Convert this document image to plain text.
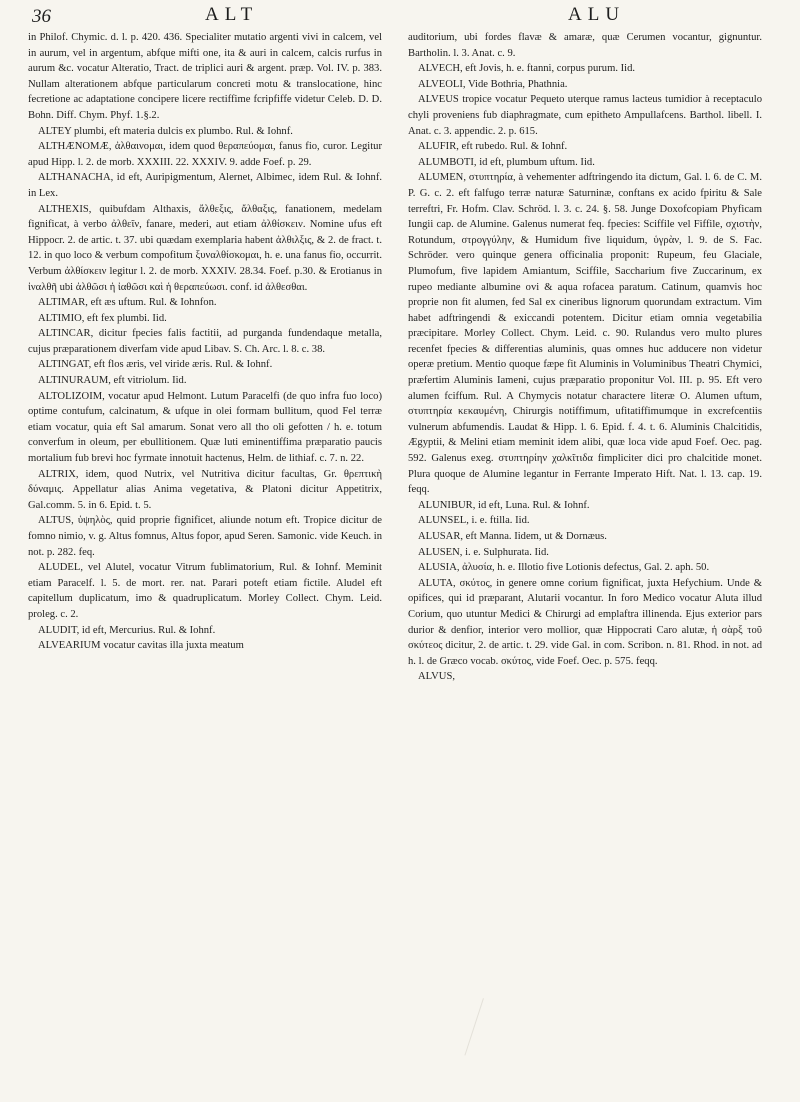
36	ALT	ALU

in Philof. Chymic. d. l. p. 420. 436. Specialiter mutatio argenti vivi in calcem, vel in aurum, vel in argentum, abfque mifti one, ita & auri in calcem, calcis rurfus in aurum &c. vocatur Alteratio, Tract. de triplici auri & argent. præp. Vol. IV. p. 383. Nullam alterationem abfque particularum concreti motu & translocatione, hinc fecretione ac adaptatione concipere licere rectiffime fcripfiffe videtur Celeb. D. D. Bohn. Diff. Chym. Phyf. 1.§.2.

ALTEY plumbi, eft materia dulcis ex plumbo. Rul. & Iohnf.

ALTHÆNOMÆ, ἀλθαινομαι, idem quod θεραπεύομαι, fanus fio, curor. Legitur apud Hipp. l. 2. de morb. XXXIII. 22. XXXIV. 9. adde Foef. p. 29.

ALTHANACHA, id eft, Auripigmentum, Alernet, Albimec, idem Rul. & Iohnf. in Lex.

ALTHEXIS, quibufdam Althaxis, ἄλθεξις, ἄλθαξις, fanationem, medelam fignificat, à verbo ἀλθεῖν, fanare, mederi, aut etiam ἀλθίσκειν. Nomine ufus eft Hippocr. 2. de artic. t. 37. ubi quædam exemplaria habent ἀλθιλξις, & 2. de fract. t. 12. in quo loco & verbum compofitum ξυναλθίσκομαι, h. e. una fanus fio, occurrit. Verbum ἀλθίσκειν legitur l. 2. de morb. XXXIV. 28.34. Foef. p.30. & Erotianus in ἰναλθῆ ubi ἀλθῶσι ἡ ἰαθῶσι καὶ ἡ θεραπεύωσι. conf. id ἀλθεσθαι.

ALTIMAR, eft æs uftum. Rul. & Iohnfon.

ALTIMIO, eft fex plumbi. Iid.

ALTINCAR, dicitur fpecies falis factitii, ad purganda fundendaque metalla, cujus præparationem diverfam vide apud Libav. S. Ch. Arc. l. 8. c. 38.

ALTINGAT, eft flos æris, vel viride æris. Rul. & Iohnf.

ALTINURAUM, eft vitriolum. Iid.

ALTOLIZOIM, vocatur apud Helmont. Lutum Paracelfi (de quo infra fuo loco) optime contufum, calcinatum, & ufque in olei formam bullitum, quod Fel terræ etiam vocatur, quia eft Sal amarum. Sonat vero all tho oli gefotten / h. e. totum converfum in oleum, per ebullitionem. Quæ luti eminentiffima præparatio paucis mortalium fub brevi hoc fyrmate innotuit hactenus, Helm. de lithiaf. c. 7. n. 22.

ALTRIX, idem, quod Nutrix, vel Nutritiva dicitur facultas, Gr. θρεπτικὴ δύναμις. Appellatur alias Anima vegetativa, & Platoni dicitur Appetitrix, Gal.comm. 5. in 6. Epid. t. 5.

ALTUS, ὑψηλὸς, quid proprie fignificet, aliunde notum eft. Tropice dicitur de fomno nimio, v. g. Altus fomnus, Altus fopor, apud Seren. Samonic. vide Keuch. in not. p. 282. feq.

ALUDEL, vel Alutel, vocatur Vitrum fublimatorium, Rul. & Iohnf. Meminit etiam Paracelf. l. 5. de mort. rer. nat. Parari poteft etiam fictile. Aludel eft capitellum duplicatum, imo & quadruplicatum. Morley Collect. Chym. Leid. proleg. c. 2.

ALUDIT, id eft, Mercurius. Rul. & Iohnf.

ALVEARIUM vocatur cavitas illa juxta meatum

auditorium, ubi fordes flavæ & amaræ, quæ Cerumen vocantur, gignuntur. Bartholin. l. 3. Anat. c. 9.

ALVECH, eft Jovis, h. e. ftanni, corpus purum. Iid.

ALVEOLI, Vide Bothria, Phathnia.

ALVEUS tropice vocatur Pequeto uterque ramus lacteus tumidior à receptaculo chyli proveniens fub diaphragmate, cum epitheto Ampullafcens. Barthol. libell. I. Anat. c. 3. appendic. 2. p. 615.

ALUFIR, eft rubedo. Rul. & Iohnf.

ALUMBOTI, id eft, plumbum uftum. Iid.

ALUMEN, στυπτηρία, à vehementer adftringendo ita dictum, Gal. l. 6. de C. M. P. G. c. 2. eft falfugo terræ naturæ Saturninæ, conftans ex acido fpiritu & Sale terreftri, Fr. Hofm. Clav. Schröd. l. 3. c. 24. §. 58. Junge Doxofcopiam Phyficam Iungii cap. de Alumine. Galenus numerat feq. fpecies: Sciffile vel Fiffile, σχιστὴν, Rotundum, στρογγύλην, & Humidum five liquidum, ὑγρὰν, l. 9. de S. Fac. Schröder. vero quinque genera officinalia proponit: Rupeum, feu Glaciale, Plumofum, five lapidem Amiantum, Sciffile, Saccharium five Zuccarinum, ex rupeo mediante albumine ovi & aqua rofacea paratum. Catinum, quamvis hoc proprie non fit alumen, fed Sal ex cineribus lignorum quorundam extractum. Vim habet adftringendi & exiccandi potentem. Dicitur etiam omnia vegetabilia præcipitare. Morley Collect. Chym. Leid. c. 90. Rulandus vero multo plures recenfet fpecies & differentias aluminis, quas omnes huc adducere non videtur operæ pretium. Mentio quoque fæpe fit Aluminis in Voluminibus Theatri Chymici, præfertim Aluminis Iameni, cujus præparatio proponitur Vol. III. p. 95. Eft vero alumen fciffum. Rul. A Chymycis notatur charactere literæ O. Alumen uftum, στυπτηρία κεκαυμένη, Chirurgis notiffimum, ufitatiffimumque in excrefcentiis vulnerum abfumendis. Laudat & Hipp. l. 6. Epid. f. 4. t. 6. Aluminis Chalcitidis, Ægyptii, & Melini etiam meminit idem alibi, quæ loca vide apud Foef. Oec. pag. 592. Galenus exeg. στυπτηρίην χαλκῖτιδα fimpliciter dici pro chalcitide monet. Plura quoque de Alumine legantur in Ferrante Imperato Hift. Nat. l. 13. cap. 19. feqq.

ALUNIBUR, id eft, Luna. Rul. & Iohnf.

ALUNSEL, i. e. ftilla. Iid.

ALUSAR, eft Manna. Iidem, ut & Dornæus.

ALUSEN, i. e. Sulphurata. Iid.

ALUSIA, ἀλυσία, h. e. Illotio five Lotionis defectus, Gal. 2. aph. 50.

ALUTA, σκύτος, in genere omne corium fignificat, juxta Hefychium. Unde & opifices, qui id præparant, Alutarii vocantur. In foro Medico vocatur Aluta illud Corium, quo utuntur Medici & Chirurgi ad emplaftra illinenda. Ejus exterior pars durior & denfior, interior vero mollior, quæ Hippocrati Caro alutæ, ἡ σὰρξ τοῦ σκύτεος dicitur, 2. de artic. t. 29. vide Gal. in com. Scribon. n. 81. Rhod. in not. ad h. l. de Græco vocab. σκύτος, vide Foef. Oec. p. 575. feqq.

ALVUS,
